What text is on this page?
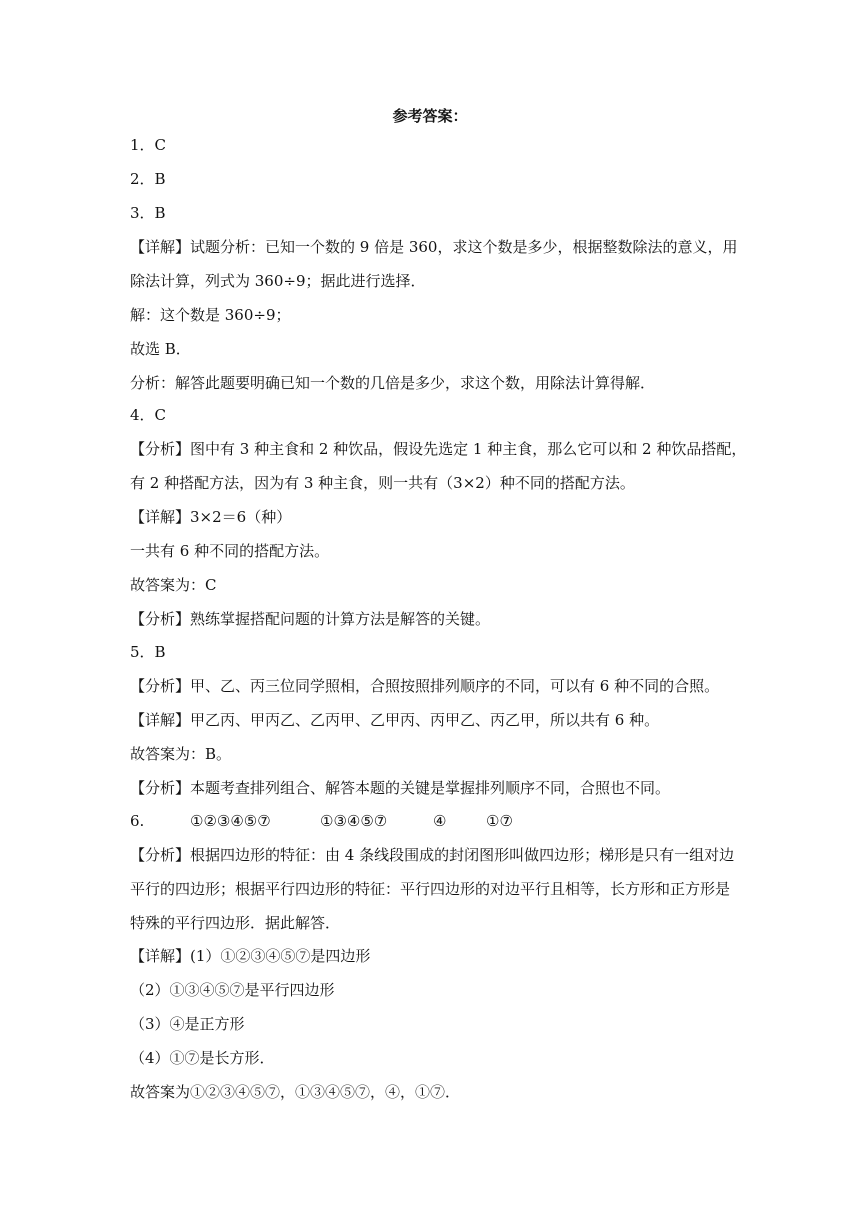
参考答案：
1．C
2．B
3．B
【详解】试题分析：已知一个数的 9 倍是 360，求这个数是多少，根据整数除法的意义，用
除法计算，列式为 360÷9；据此进行选择．
解：这个数是 360÷9；
故选 B．
分析：解答此题要明确已知一个数的几倍是多少，求这个数，用除法计算得解．
4．C
【分析】图中有 3 种主食和 2 种饮品，假设先选定 1 种主食，那么它可以和 2 种饮品搭配，
有 2 种搭配方法，因为有 3 种主食，则一共有（3×2）种不同的搭配方法。
【详解】3×2＝6（种）
一共有 6 种不同的搭配方法。
故答案为：C
【分析】熟练掌握搭配问题的计算方法是解答的关键。
5．B
【分析】甲、乙、丙三位同学照相，合照按照排列顺序的不同，可以有 6 种不同的合照。
【详解】甲乙丙、甲丙乙、乙丙甲、乙甲丙、丙甲乙、丙乙甲，所以共有 6 种。
故答案为：B。
【分析】本题考查排列组合、解答本题的关键是掌握排列顺序不同，合照也不同。
6.	①②③④⑤⑦	①③④⑤⑦	④	①⑦
【分析】根据四边形的特征：由 4 条线段围成的封闭图形叫做四边形；梯形是只有一组对边
平行的四边形；根据平行四边形的特征：平行四边形的对边平行且相等，长方形和正方形是
特殊的平行四边形．据此解答．
【详解】(1）①②③④⑤⑦是四边形
（2）①③④⑤⑦是平行四边形
（3）④是正方形
（4）①⑦是长方形．
故答案为①②③④⑤⑦，①③④⑤⑦，④，①⑦．
